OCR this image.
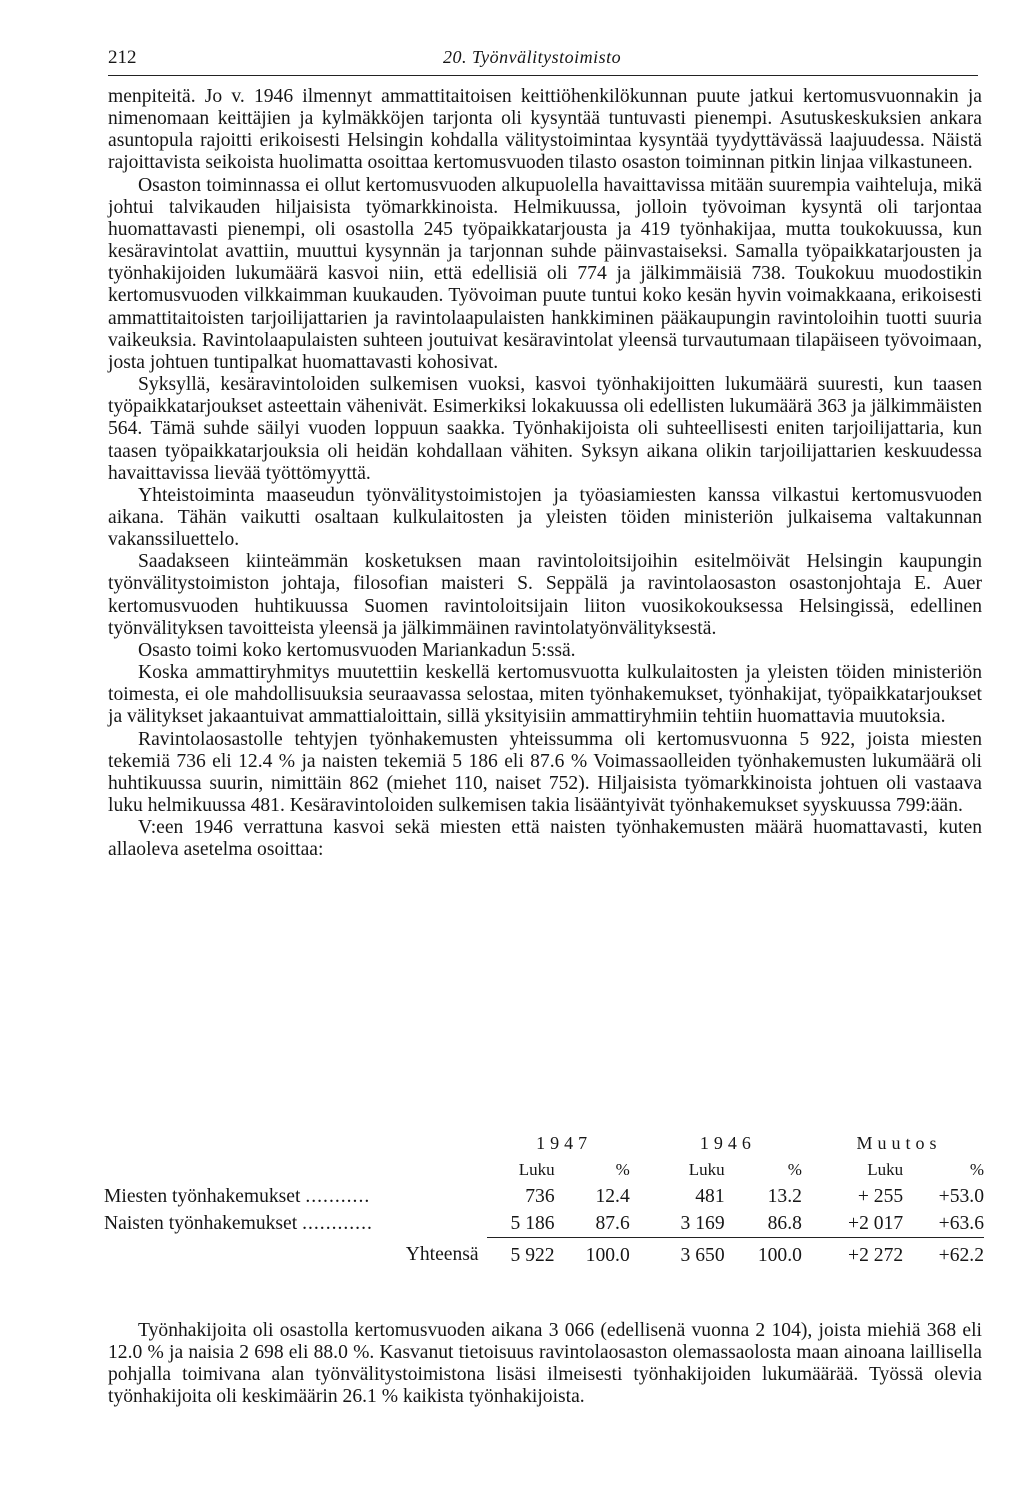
212	20. Työnvälitystoimisto

menpiteitä. Jo v. 1946 ilmennyt ammattitaitoisen keittiöhenkilökunnan puute jatkui kertomusvuonnakin ja nimenomaan keittäjien ja kylmäkköjen tarjonta oli kysyntää tuntuvasti pienempi. Asutuskeskuksien ankara asuntopula rajoitti erikoisesti Helsingin kohdalla välitystoimintaa kysyntää tyydyttävässä laajuudessa. Näistä rajoittavista seikoista huolimatta osoittaa kertomusvuoden tilasto osaston toiminnan pitkin linjaa vilkastuneen.

Osaston toiminnassa ei ollut kertomusvuoden alkupuolella havaittavissa mitään suurempia vaihteluja, mikä johtui talvikauden hiljaisista työmarkkinoista. Helmikuussa, jolloin työvoiman kysyntä oli tarjontaa huomattavasti pienempi, oli osastolla 245 työpaikkatarjousta ja 419 työnhakijaa, mutta toukokuussa, kun kesäravintolat avattiin, muuttui kysynnän ja tarjonnan suhde päinvastaiseksi. Samalla työpaikkatarjousten ja työnhakijoiden lukumäärä kasvoi niin, että edellisiä oli 774 ja jälkimmäisiä 738. Toukokuu muodostikin kertomusvuoden vilkkaimman kuukauden. Työvoiman puute tuntui koko kesän hyvin voimakkaana, erikoisesti ammattitaitoisten tarjoilijattarien ja ravintolaapulaisten hankkiminen pääkaupungin ravintoloihin tuotti suuria vaikeuksia. Ravintolaapulaisten suhteen joutuivat kesäravintolat yleensä turvautumaan tilapäiseen työvoimaan, josta johtuen tuntipalkat huomattavasti kohosivat.

Syksyllä, kesäravintoloiden sulkemisen vuoksi, kasvoi työnhakijoitten lukumäärä suuresti, kun taasen työpaikkatarjoukset asteettain vähenivät. Esimerkiksi lokakuussa oli edellisten lukumäärä 363 ja jälkimmäisten 564. Tämä suhde säilyi vuoden loppuun saakka. Työnhakijoista oli suhteellisesti eniten tarjoilijattaria, kun taasen työpaikkatarjouksia oli heidän kohdallaan vähiten. Syksyn aikana olikin tarjoilijattarien keskuudessa havaittavissa lievää työttömyyttä.

Yhteistoiminta maaseudun työnvälitystoimistojen ja työasiamiesten kanssa vilkastui kertomusvuoden aikana. Tähän vaikutti osaltaan kulkulaitosten ja yleisten töiden ministeriön julkaisema valtakunnan vakanssiluettelo.

Saadakseen kiinteämmän kosketuksen maan ravintoloitsijoihin esitelmöivät Helsingin kaupungin työnvälitystoimiston johtaja, filosofian maisteri S. Seppälä ja ravintolaosaston osastonjohtaja E. Auer kertomusvuoden huhtikuussa Suomen ravintoloitsijain liiton vuosikokouksessa Helsingissä, edellinen työnvälityksen tavoitteista yleensä ja jälkimmäinen ravintolatyönvälityksestä.

Osasto toimi koko kertomusvuoden Mariankadun 5:ssä.

Koska ammattiryhmitys muutettiin keskellä kertomusvuotta kulkulaitosten ja yleisten töiden ministeriön toimesta, ei ole mahdollisuuksia seuraavassa selostaa, miten työnhakemukset, työnhakijat, työpaikkatarjoukset ja välitykset jakaantuivat ammattialoittain, sillä yksityisiin ammattiryhmiin tehtiin huomattavia muutoksia.

Ravintolaosastolle tehtyjen työnhakemusten yhteissumma oli kertomusvuonna 5 922, joista miesten tekemiä 736 eli 12.4 % ja naisten tekemiä 5 186 eli 87.6 % Voimassaolleiden työnhakemusten lukumäärä oli huhtikuussa suurin, nimittäin 862 (miehet 110, naiset 752). Hiljaisista työmarkkinoista johtuen oli vastaava luku helmikuussa 481. Kesäravintoloiden sulkemisen takia lisääntyivät työnhakemukset syyskuussa 799:ään.

V:een 1946 verrattuna kasvoi sekä miesten että naisten työnhakemusten määrä huomattavasti, kuten allaoleva asetelma osoittaa:

	1947		1946		Muutos	
	Luku	%	Luku	%	Luku	%
Miesten työnhakemukset ...........	736	12.4	481	13.2	+ 255	+53.0
Naisten työnhakemukset ............	5 186	87.6	3 169	86.8	+2 017	+63.6
Yhteensä	5 922	100.0	3 650	100.0	+2 272	+62.2

Työnhakijoita oli osastolla kertomusvuoden aikana 3 066 (edellisenä vuonna 2 104), joista miehiä 368 eli 12.0 % ja naisia 2 698 eli 88.0 %. Kasvanut tietoisuus ravintolaosaston olemassaolosta maan ainoana laillisella pohjalla toimivana alan työnvälitystoimistona lisäsi ilmeisesti työnhakijoiden lukumäärää. Työssä olevia työnhakijoita oli keskimäärin 26.1 % kaikista työnhakijoista.
